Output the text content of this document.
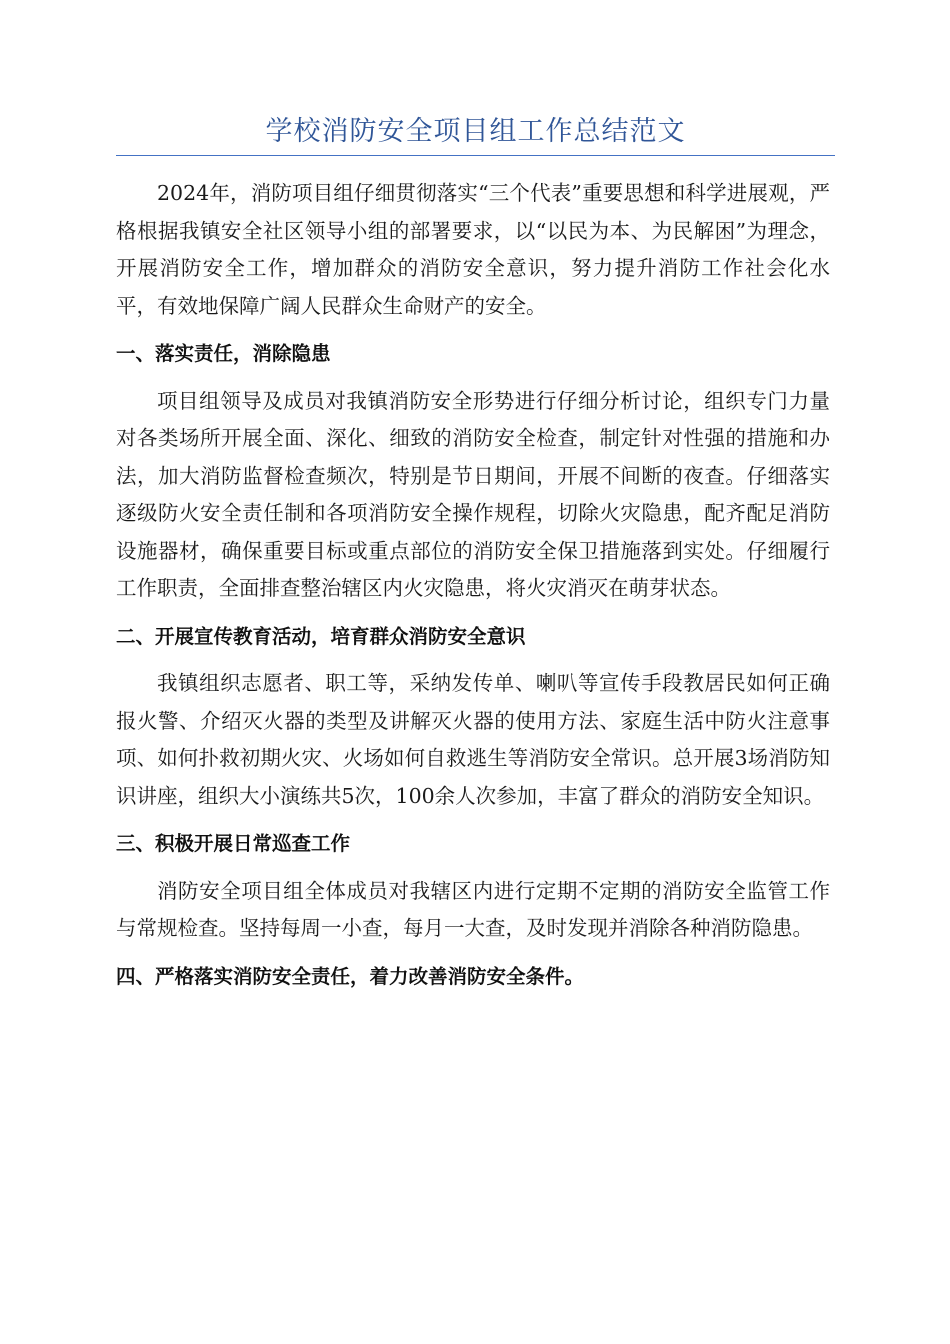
学校消防安全项目组工作总结范文

2024年，消防项目组仔细贯彻落实“三个代表”重要思想和科学进展观，严格根据我镇安全社区领导小组的部署要求，以“以民为本、为民解困”为理念，开展消防安全工作，增加群众的消防安全意识，努力提升消防工作社会化水平，有效地保障广阔人民群众生命财产的安全。

一、落实责任，消除隐患

项目组领导及成员对我镇消防安全形势进行仔细分析讨论，组织专门力量对各类场所开展全面、深化、细致的消防安全检查，制定针对性强的措施和办法，加大消防监督检查频次，特别是节日期间，开展不间断的夜查。仔细落实逐级防火安全责任制和各项消防安全操作规程，切除火灾隐患，配齐配足消防设施器材，确保重要目标或重点部位的消防安全保卫措施落到实处。仔细履行工作职责，全面排查整治辖区内火灾隐患，将火灾消灭在萌芽状态。

二、开展宣传教育活动，培育群众消防安全意识

我镇组织志愿者、职工等，采纳发传单、喇叭等宣传手段教居民如何正确报火警、介绍灭火器的类型及讲解灭火器的使用方法、家庭生活中防火注意事项、如何扑救初期火灾、火场如何自救逃生等消防安全常识。总开展3场消防知识讲座，组织大小演练共5次，100余人次参加，丰富了群众的消防安全知识。

三、积极开展日常巡查工作

消防安全项目组全体成员对我辖区内进行定期不定期的消防安全监管工作与常规检查。坚持每周一小查，每月一大查，及时发现并消除各种消防隐患。

四、严格落实消防安全责任，着力改善消防安全条件。
